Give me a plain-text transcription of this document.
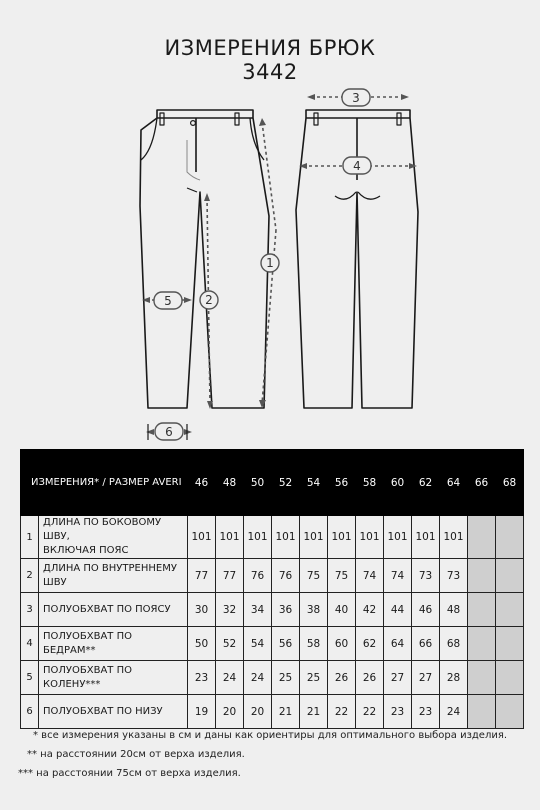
ИЗМЕРЕНИЯ БРЮК
3442
1
2
3
4
5
6
ИЗМЕРЕНИЯ* / РАЗМЕР AVERI		46	48	50	52	54	56	58	60	62	64	66	68
1	ДЛИНА ПО БОКОВОМУ ШВУ,
ВКЛЮЧАЯ ПОЯС	101	101	101	101	101	101	101	101	101	101		
2	ДЛИНА ПО ВНУТРЕННЕМУ
ШВУ	77	77	76	76	75	75	74	74	73	73		
3	ПОЛУОБХВАТ ПО ПОЯСУ	30	32	34	36	38	40	42	44	46	48		
4	ПОЛУОБХВАТ ПО БЕДРАМ**	50	52	54	56	58	60	62	64	66	68		
5	ПОЛУОБХВАТ ПО КОЛЕНУ***	23	24	24	25	25	26	26	27	27	28		
6	ПОЛУОБХВАТ ПО НИЗУ	19	20	20	21	21	22	22	23	23	24		
* все измерения указаны в см и даны как ориентиры для оптимального выбора изделия.
** на расстоянии 20см от верха изделия.
*** на расстоянии 75см от верха изделия.
